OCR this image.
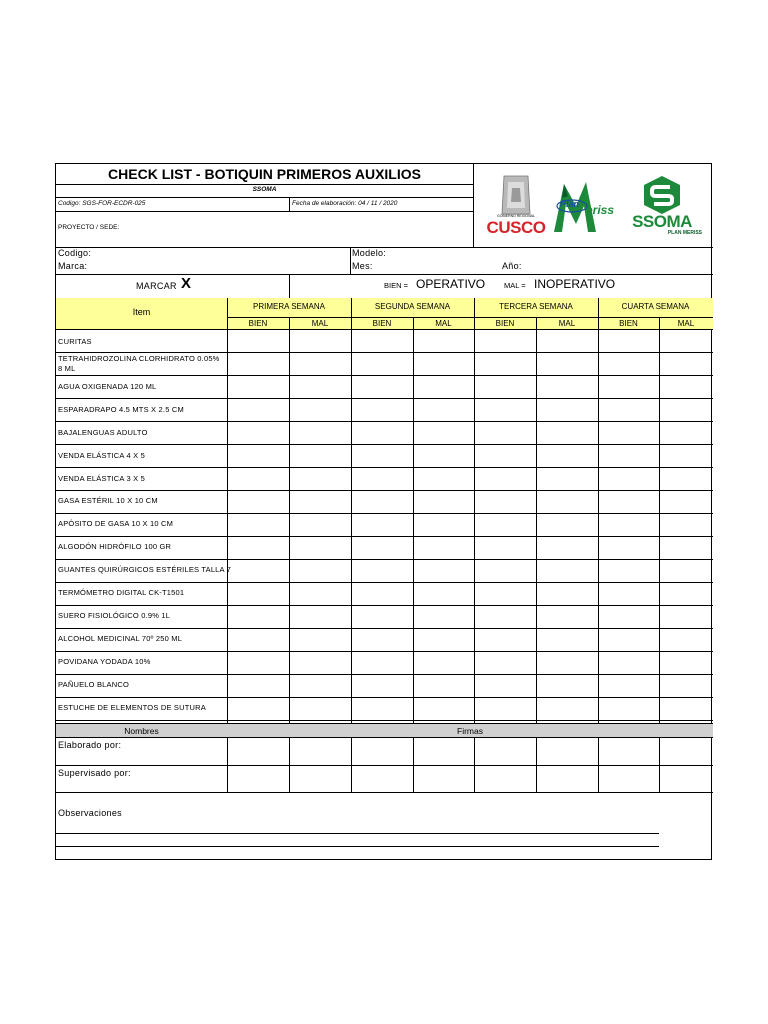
CHECK LIST - BOTIQUIN PRIMEROS AUXILIOS
SSOMA
Codigo: SGS-FOR-ECDR-025	Fecha de elaboración: 04 / 11 / 2020
PROYECTO / SEDE:
GOBIERNO REGIONAL
CUSCO
Plan eriss
SSOMA
PLAN MERISS
Codigo:
Marca:
Modelo:
Mes:	Año:
MARCAR X	BIEN = OPERATIVO	MAL = INOPERATIVO
Item
PRIMERA SEMANA	SEGUNDA SEMANA	TERCERA SEMANA	CUARTA SEMANA
BIEN	MAL	BIEN	MAL	BIEN	MAL	BIEN	MAL
CURITAS
TETRAHIDROZOLINA CLORHIDRATO 0.05%
8 ML
AGUA OXIGENADA 120 ML
ESPARADRAPO 4.5 MTS X 2.5 CM
BAJALENGUAS ADULTO
VENDA ELÁSTICA 4 X 5
VENDA ELÁSTICA 3 X 5
GASA ESTÉRIL 10 X 10 CM
APÓSITO DE GASA 10 X 10 CM
ALGODÓN HIDRÓFILO 100 GR
GUANTES QUIRÚRGICOS ESTÉRILES TALLA 7
TERMÓMETRO DIGITAL CK-T1501
SUERO FISIOLÓGICO 0.9% 1L
ALCOHOL MEDICINAL 70º 250 ML
POVIDANA YODADA 10%
PAÑUELO BLANCO
ESTUCHE DE ELEMENTOS DE SUTURA
Nombres	Firmas
Elaborado por:
Supervisado por:
Observaciones
